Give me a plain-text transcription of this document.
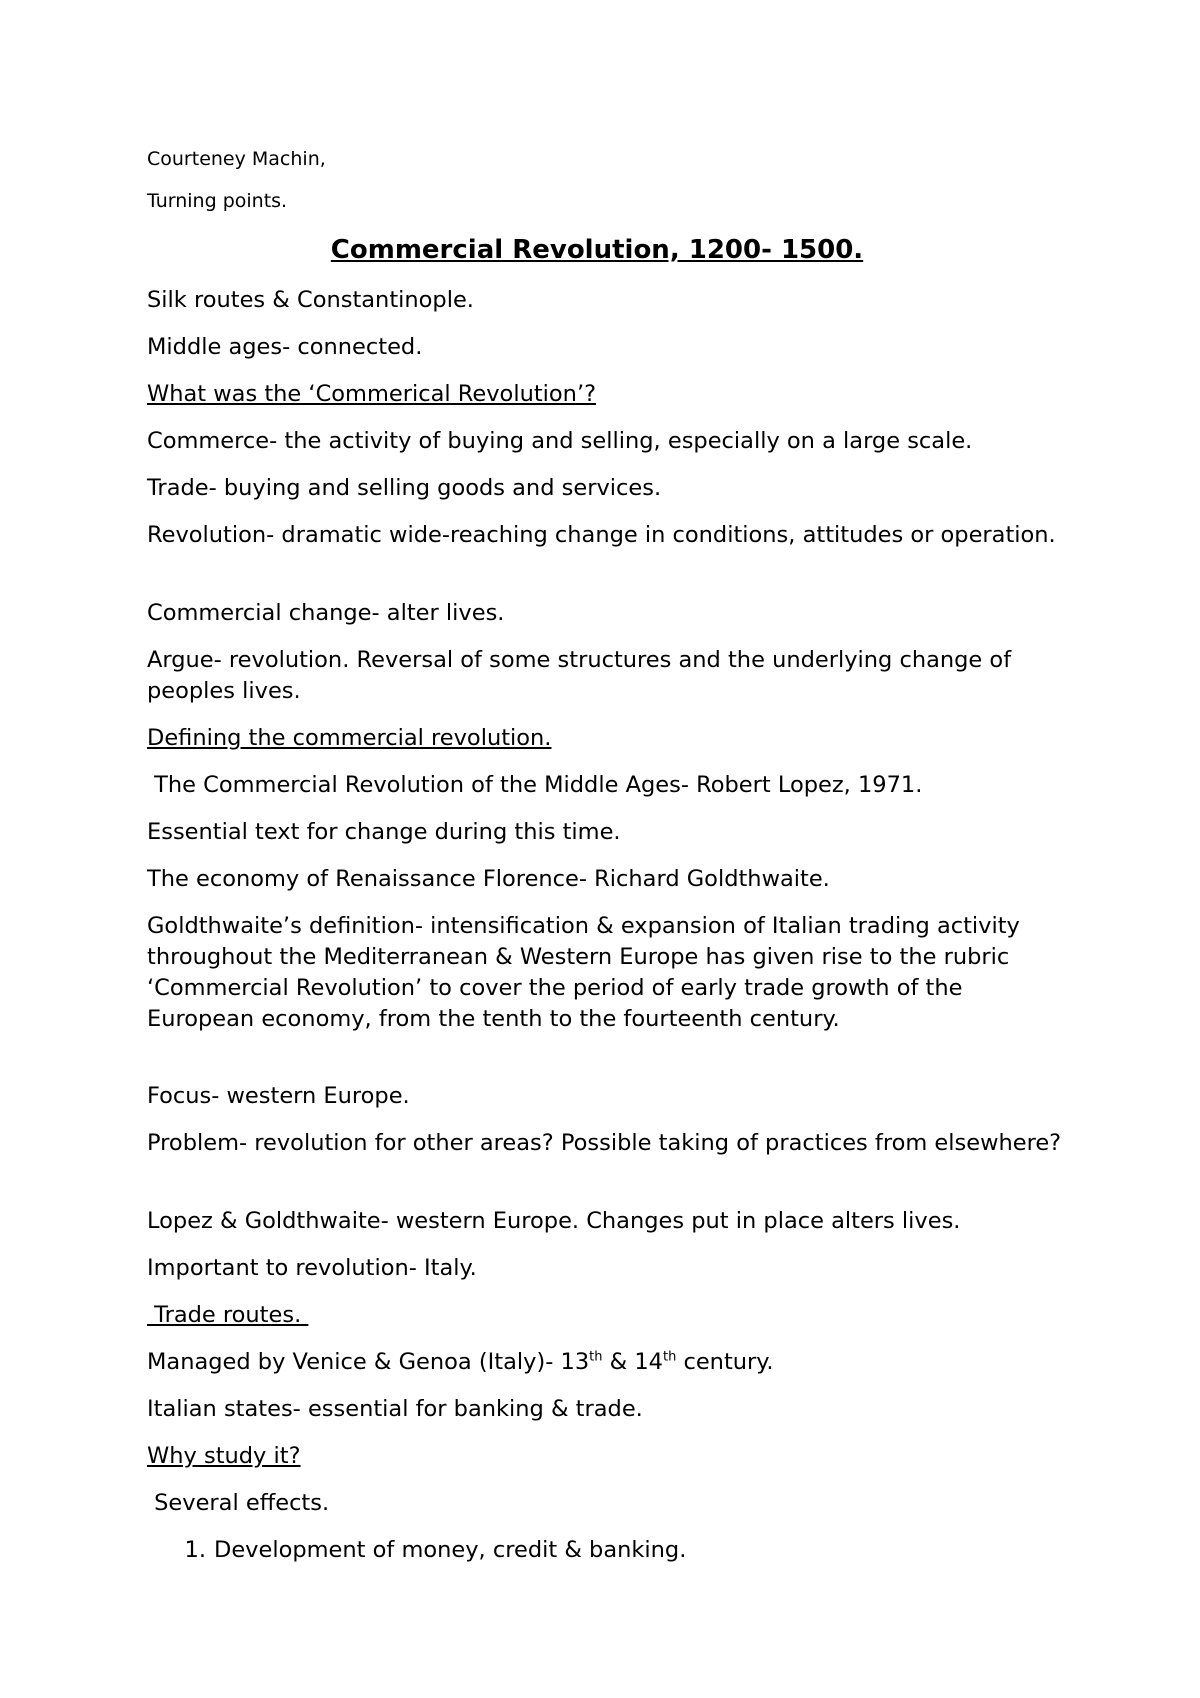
Courteney Machin,

Turning points.

Commercial Revolution, 1200- 1500.

Silk routes & Constantinople.

Middle ages- connected.

What was the ‘Commerical Revolution’?

Commerce- the activity of buying and selling, especially on a large scale.

Trade- buying and selling goods and services.

Revolution- dramatic wide-reaching change in conditions, attitudes or operation.

Commercial change- alter lives.

Argue- revolution. Reversal of some structures and the underlying change of peoples lives.

Defining the commercial revolution.

The Commercial Revolution of the Middle Ages- Robert Lopez, 1971.

Essential text for change during this time.

The economy of Renaissance Florence- Richard Goldthwaite.

Goldthwaite’s definition- intensification & expansion of Italian trading activity throughout the Mediterranean & Western Europe has given rise to the rubric ‘Commercial Revolution’ to cover the period of early trade growth of the European economy, from the tenth to the fourteenth century.

Focus- western Europe.

Problem- revolution for other areas? Possible taking of practices from elsewhere?

Lopez & Goldthwaite- western Europe. Changes put in place alters lives.

Important to revolution- Italy.

Trade routes.

Managed by Venice & Genoa (Italy)- 13th & 14th century.

Italian states- essential for banking & trade.

Why study it?

Several effects.

1. Development of money, credit & banking.
